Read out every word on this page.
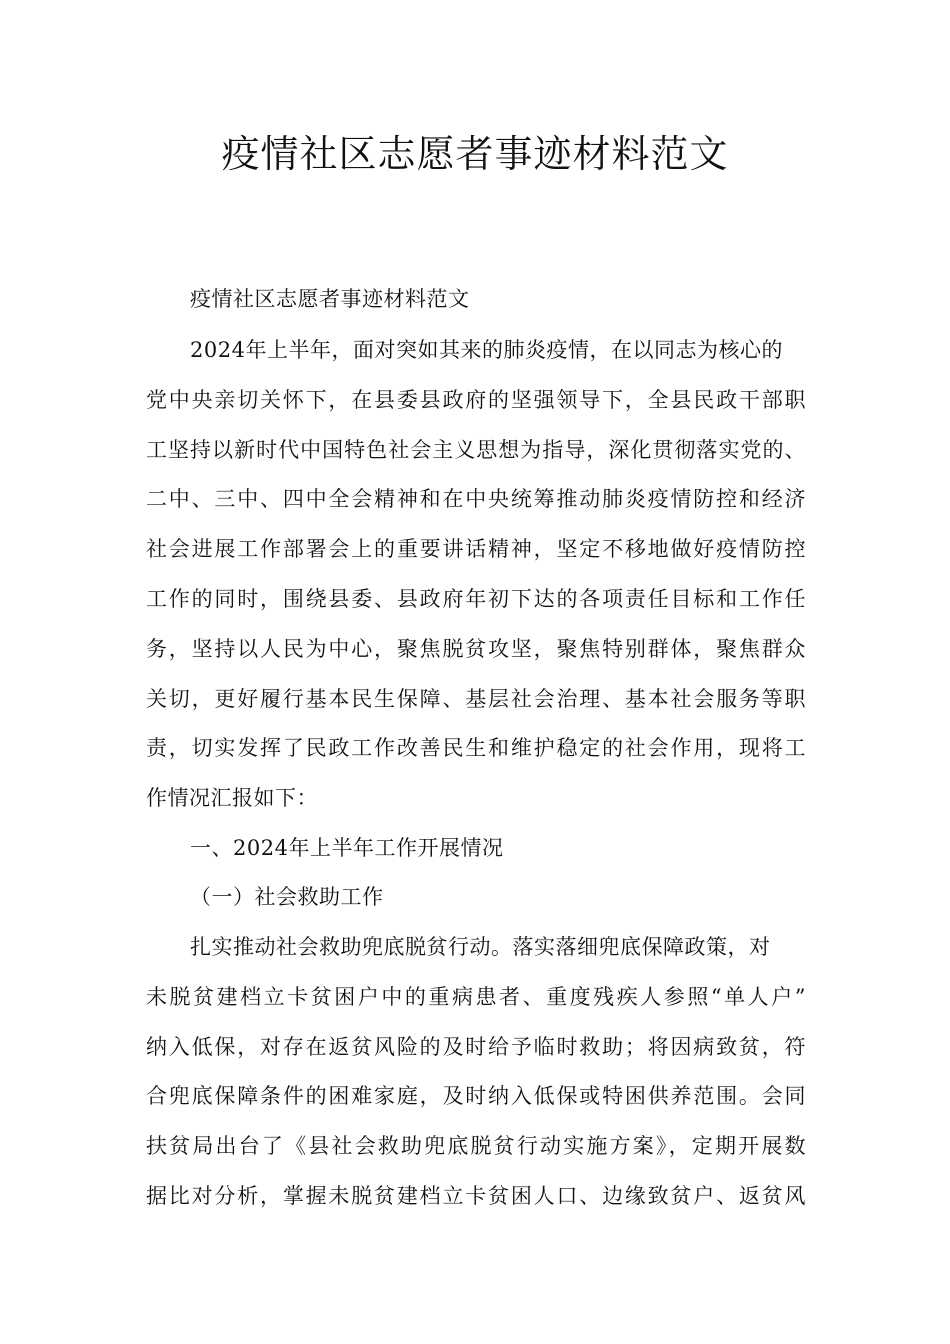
疫情社区志愿者事迹材料范文
疫情社区志愿者事迹材料范文
2024年上半年，面对突如其来的肺炎疫情，在以同志为核心的
党中央亲切关怀下，在县委县政府的坚强领导下，全县民政干部职
工坚持以新时代中国特色社会主义思想为指导，深化贯彻落实党的、
二中、三中、四中全会精神和在中央统筹推动肺炎疫情防控和经济
社会进展工作部署会上的重要讲话精神，坚定不移地做好疫情防控
工作的同时，围绕县委、县政府年初下达的各项责任目标和工作任
务，坚持以人民为中心，聚焦脱贫攻坚，聚焦特别群体，聚焦群众
关切，更好履行基本民生保障、基层社会治理、基本社会服务等职
责，切实发挥了民政工作改善民生和维护稳定的社会作用，现将工
作情况汇报如下：
一、2024年上半年工作开展情况
（一）社会救助工作
扎实推动社会救助兜底脱贫行动。落实落细兜底保障政策，对
未脱贫建档立卡贫困户中的重病患者、重度残疾人参照“单人户”
纳入低保，对存在返贫风险的及时给予临时救助；将因病致贫，符
合兜底保障条件的困难家庭，及时纳入低保或特困供养范围。会同
扶贫局出台了《县社会救助兜底脱贫行动实施方案》，定期开展数
据比对分析，掌握未脱贫建档立卡贫困人口、边缘致贫户、返贫风
